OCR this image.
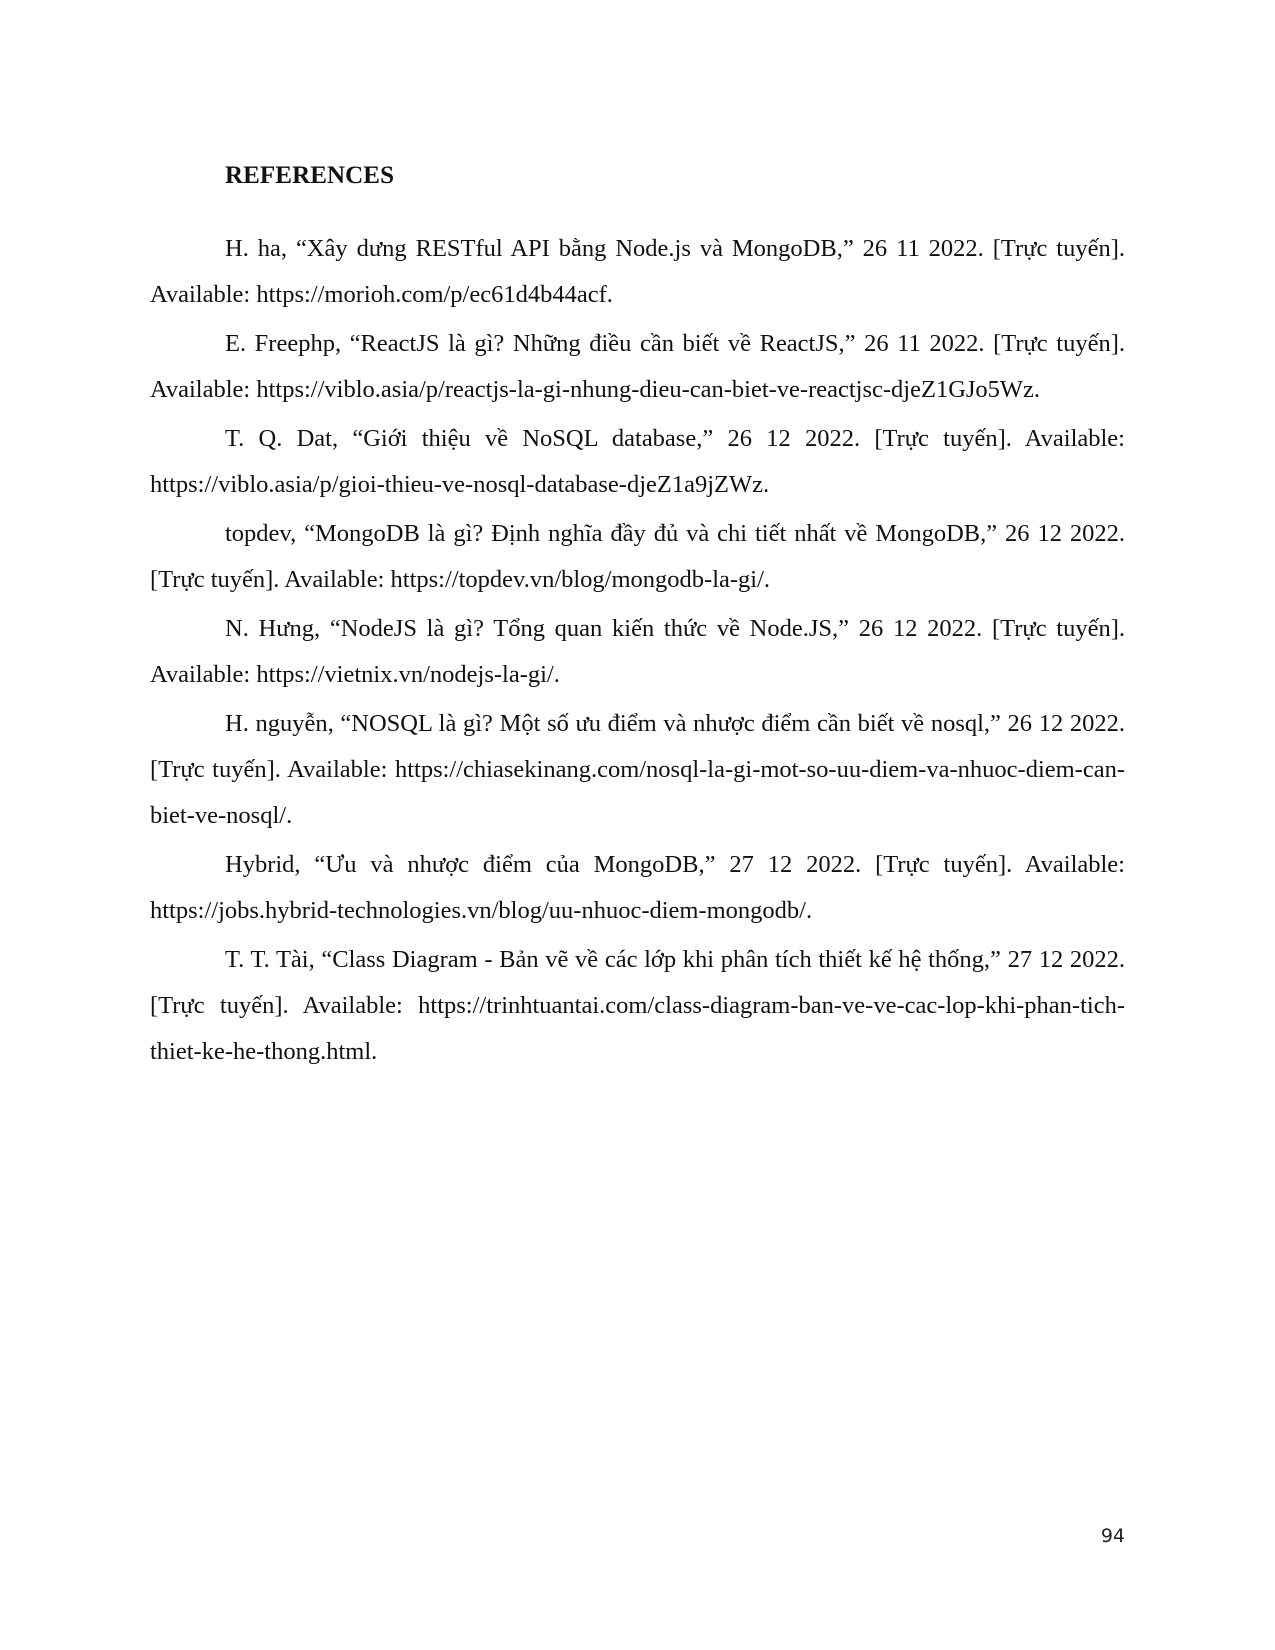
REFERENCES

H. ha, “Xây dưng RESTful API bằng Node.js và MongoDB,” 26 11 2022. [Trực tuyến]. Available: https://morioh.com/p/ec61d4b44acf.

E. Freephp, “ReactJS là gì? Những điều cần biết về ReactJS,” 26 11 2022. [Trực tuyến]. Available: https://viblo.asia/p/reactjs-la-gi-nhung-dieu-can-biet-ve-reactjsc-djeZ1GJo5Wz.

T. Q. Dat, “Giới thiệu về NoSQL database,” 26 12 2022. [Trực tuyến]. Available: https://viblo.asia/p/gioi-thieu-ve-nosql-database-djeZ1a9jZWz.

topdev, “MongoDB là gì? Định nghĩa đầy đủ và chi tiết nhất về MongoDB,” 26 12 2022. [Trực tuyến]. Available: https://topdev.vn/blog/mongodb-la-gi/.

N. Hưng, “NodeJS là gì? Tổng quan kiến thức về Node.JS,” 26 12 2022. [Trực tuyến]. Available: https://vietnix.vn/nodejs-la-gi/.

H. nguyễn, “NOSQL là gì? Một số ưu điểm và nhược điểm cần biết về nosql,” 26 12 2022. [Trực tuyến]. Available: https://chiasekinang.com/nosql-la-gi-mot-so-uu-diem-va-nhuoc-diem-can-biet-ve-nosql/.

Hybrid, “Ưu và nhược điểm của MongoDB,” 27 12 2022. [Trực tuyến]. Available: https://jobs.hybrid-technologies.vn/blog/uu-nhuoc-diem-mongodb/.

T. T. Tài, “Class Diagram - Bản vẽ về các lớp khi phân tích thiết kế hệ thống,” 27 12 2022. [Trực tuyến]. Available: https://trinhtuantai.com/class-diagram-ban-ve-ve-cac-lop-khi-phan-tich-thiet-ke-he-thong.html.

94
